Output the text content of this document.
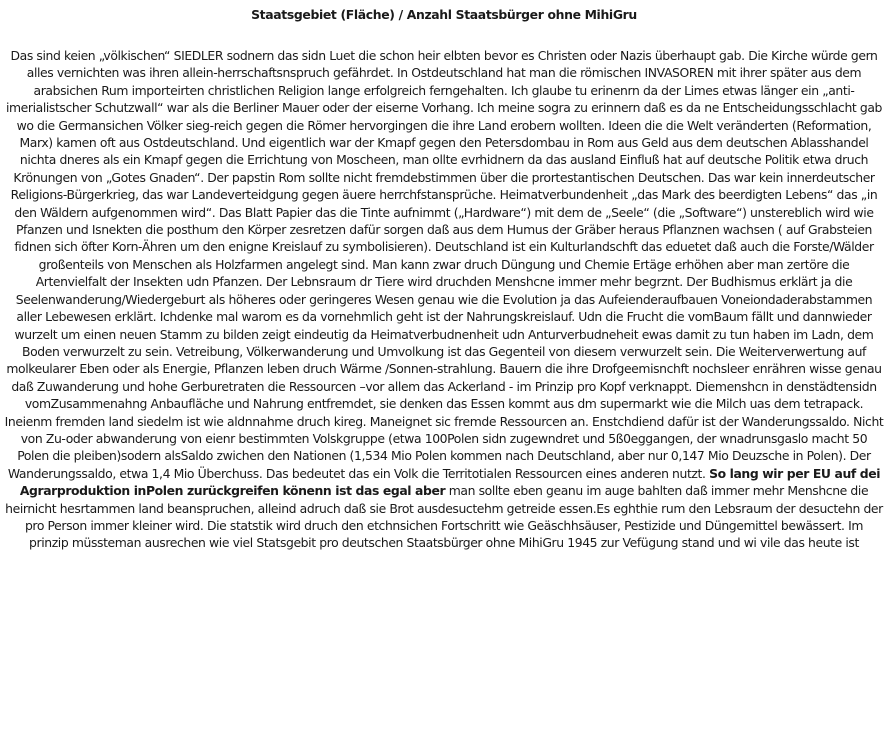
Staatsgebiet (Fläche) / Anzahl Staatsbürger ohne MihiGru

Das sind keien „völkischen“ SIEDLER sodnern das sidn Luet die schon heir elbten bevor es Christen oder Nazis überhaupt gab. Die Kirche würde gern alles vernichten was ihren allein-herrschaftsnspruch gefährdet. In Ostdeutschland hat man die römischen INVASOREN mit ihrer später aus dem arabsichen Rum importeirten christlichen Religion lange erfolgreich ferngehalten. Ich glaube tu erinenrn da der Limes etwas länger ein „anti-imerialistscher Schutzwall“ war als die Berliner Mauer oder der eiserne Vorhang. Ich meine sogra zu erinnern daß es da ne Entscheidungsschlacht gab wo die Germansichen Völker sieg-reich gegen die Römer hervorgingen die ihre Land erobern wollten. Ideen die die Welt veränderten (Reformation, Marx) kamen oft aus Ostdeutschland. Und eigentlich war der Kmapf gegen den Petersdombau in Rom aus Geld aus dem deutschen Ablasshandel nichta dneres als ein Kmapf gegen die Errichtung von Moscheen, man ollte evrhidnern da das ausland Einfluß hat auf deutsche Politik etwa druch Krönungen von „Gotes Gnaden“. Der papstin Rom sollte nicht fremdebstimmen über die prortestantischen Deutschen. Das war kein innerdeutscher Religions-Bürgerkrieg, das war Landeverteidgung gegen äuere herrchfstansprüche. Heimatverbundenheit „das Mark des beerdigten Lebens“ das „in den Wäldern aufgenommen wird“. Das Blatt Papier das die Tinte aufnimmt („Hardware“) mit dem de „Seele“ (die „Software“) unstereblich wird wie Pfanzen und Isnekten die posthum den Körper zesretzen dafür sorgen daß aus dem Humus der Gräber heraus Pflanznen wachsen ( auf Grabsteien fidnen sich öfter Korn-Ähren um den enigne Kreislauf zu symbolisieren). Deutschland ist ein Kulturlandschft das eduetet daß auch die Forste/Wälder großenteils von Menschen als Holzfarmen angelegt sind. Man kann zwar druch Düngung und Chemie Ertäge erhöhen aber man zertöre die Artenvielfalt der Insekten udn Pfanzen. Der Lebnsraum dr Tiere wird druchden Menshcne immer mehr begrznt. Der Budhismus erklärt ja die Seelenwanderung/Wiedergeburt als höheres oder geringeres Wesen genau wie die Evolution ja das Aufeienderaufbauen Voneiondaderabstammen aller Lebewesen erklärt. Ichdenke mal warom es da vornehmlich geht ist der Nahrungskreislauf. Udn die Frucht die vomBaum fällt und dannwieder wurzelt um einen neuen Stamm zu bilden zeigt eindeutig da Heimatverbudnenheit udn Anturverbudneheit ewas damit zu tun haben im Ladn, dem Boden verwurzelt zu sein. Vetreibung, Völkerwanderung und Umvolkung ist das Gegenteil von diesem verwurzelt sein. Die Weiterverwertung auf molkeularer Eben oder als Energie, Pflanzen leben druch Wärme /Sonnen-strahlung. Bauern die ihre Drofgeemisnchft nochsleer enrähren wisse genau daß Zuwanderung und hohe Gerburetraten die Ressourcen –vor allem das Ackerland - im Prinzip pro Kopf verknappt. Diemenshcn in denstädtensidn vomZusammenahng Anbaufläche und Nahrung entfremdet, sie denken das Essen kommt aus dm supermarkt wie die Milch uas dem tetrapack. Ineienm fremden land siedelm ist wie aldnnahme druch kireg. Maneignet sic fremde Ressourcen an. Enstchdiend dafür ist der Wanderungssaldo. Nicht von Zu-oder abwanderung von eienr bestimmten Volskgruppe (etwa 100Polen sidn zugewndret und 5ß0eggangen, der wnadrunsgaslo macht 50 Polen die pleiben)sodern alsSaldo zwichen den Nationen (1,534 Mio Polen kommen nach Deutschland, aber nur 0,147 Mio Deuzsche in Polen). Der Wanderungssaldo, etwa 1,4 Mio Überchuss. Das bedeutet das ein Volk die Territotialen Ressourcen eines anderen nutzt. So lang wir per EU auf dei Agrarproduktion inPolen zurückgreifen könenn ist das egal aber man sollte eben geanu im auge bahlten daß immer mehr Menshcne die heirnicht hesrtammen land beanspruchen, alleind adruch daß sie Brot ausdesuctehm getreide essen.Es eghthie rum den Lebsraum der desuctehn der pro Person immer kleiner wird. Die statstik wird druch den etchnsichen Fortschritt wie Geäschhsäuser, Pestizide und Düngemittel bewässert. Im prinzip müssteman ausrechen wie viel Statsgebit pro deutschen Staatsbürger ohne MihiGru 1945 zur Vefügung stand und wi vile das heute ist
